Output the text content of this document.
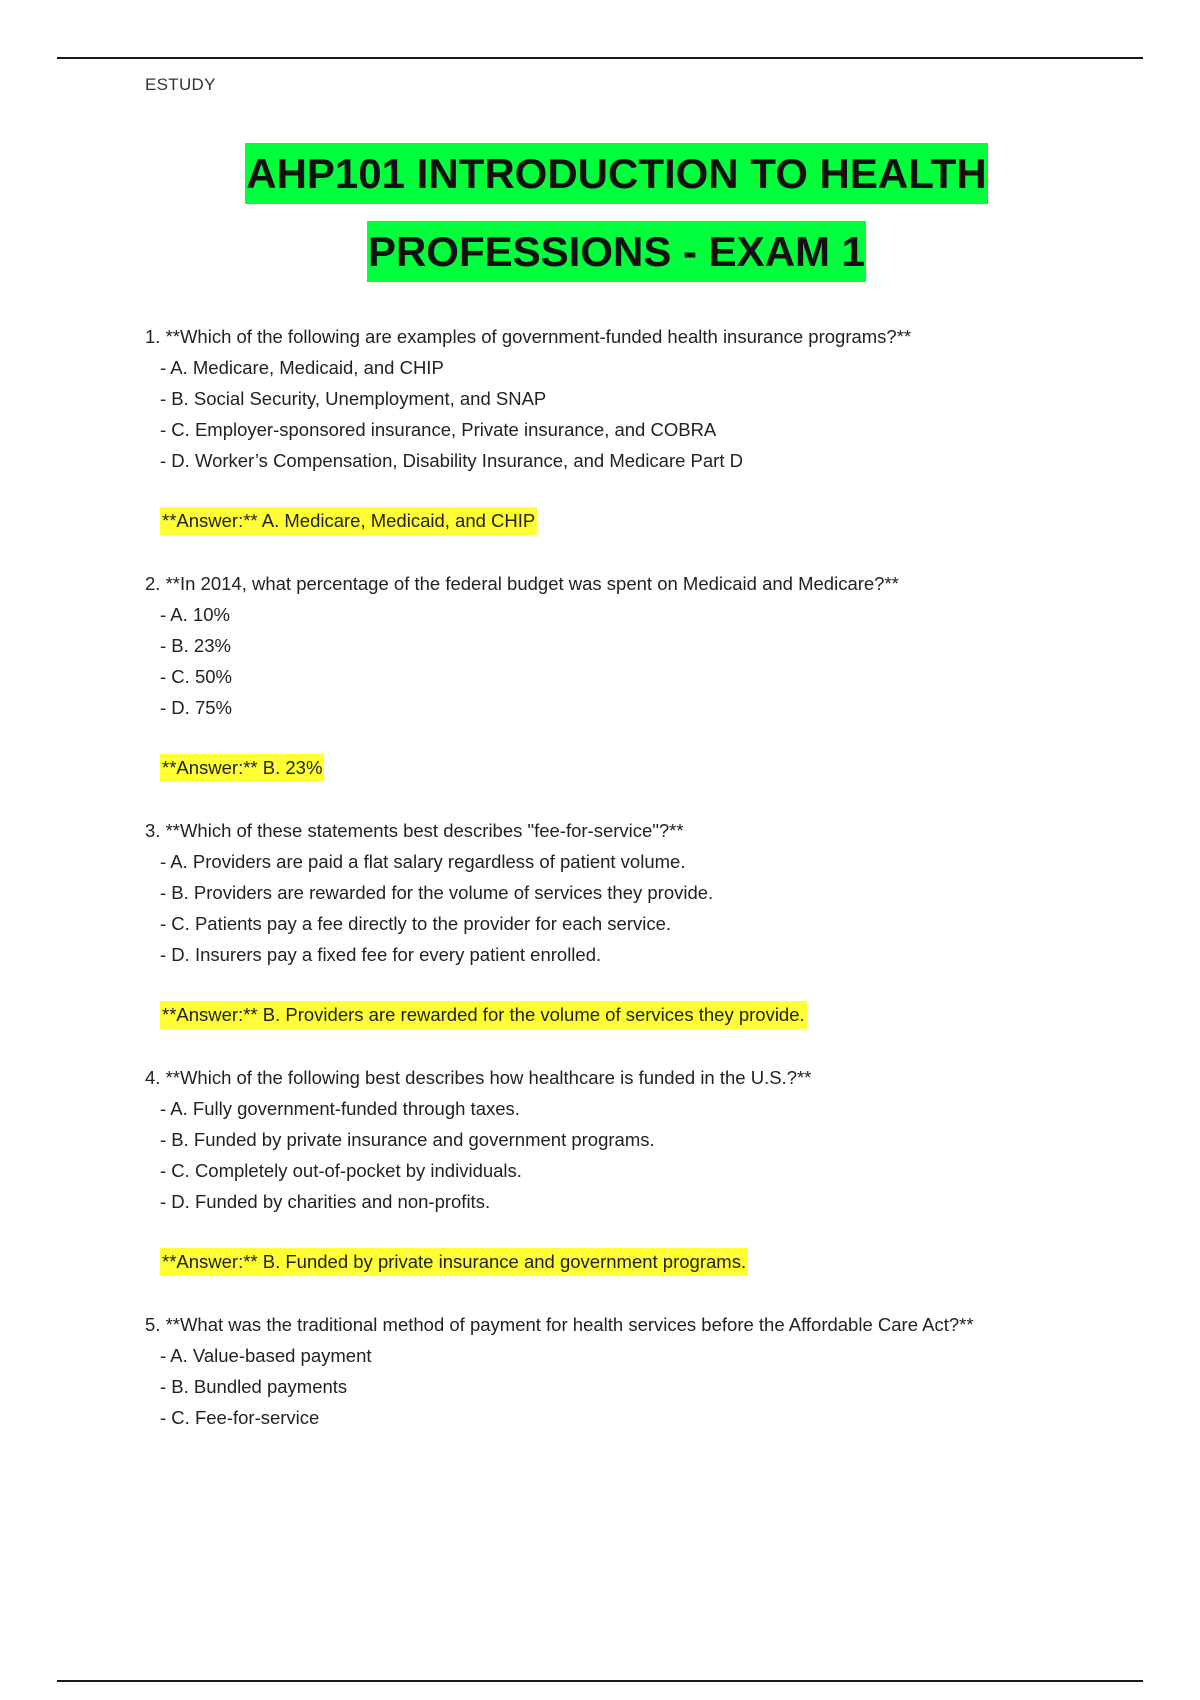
ESTUDY
AHP101 INTRODUCTION TO HEALTH
PROFESSIONS - EXAM 1
1. **Which of the following are examples of government-funded health insurance programs?**
- A. Medicare, Medicaid, and CHIP
- B. Social Security, Unemployment, and SNAP
- C. Employer-sponsored insurance, Private insurance, and COBRA
- D. Worker’s Compensation, Disability Insurance, and Medicare Part D
**Answer:** A. Medicare, Medicaid, and CHIP
2. **In 2014, what percentage of the federal budget was spent on Medicaid and Medicare?**
- A. 10%
- B. 23%
- C. 50%
- D. 75%
**Answer:** B. 23%
3. **Which of these statements best describes "fee-for-service"?**
- A. Providers are paid a flat salary regardless of patient volume.
- B. Providers are rewarded for the volume of services they provide.
- C. Patients pay a fee directly to the provider for each service.
- D. Insurers pay a fixed fee for every patient enrolled.
**Answer:** B. Providers are rewarded for the volume of services they provide.
4. **Which of the following best describes how healthcare is funded in the U.S.?**
- A. Fully government-funded through taxes.
- B. Funded by private insurance and government programs.
- C. Completely out-of-pocket by individuals.
- D. Funded by charities and non-profits.
**Answer:** B. Funded by private insurance and government programs.
5. **What was the traditional method of payment for health services before the Affordable Care Act?**
- A. Value-based payment
- B. Bundled payments
- C. Fee-for-service
